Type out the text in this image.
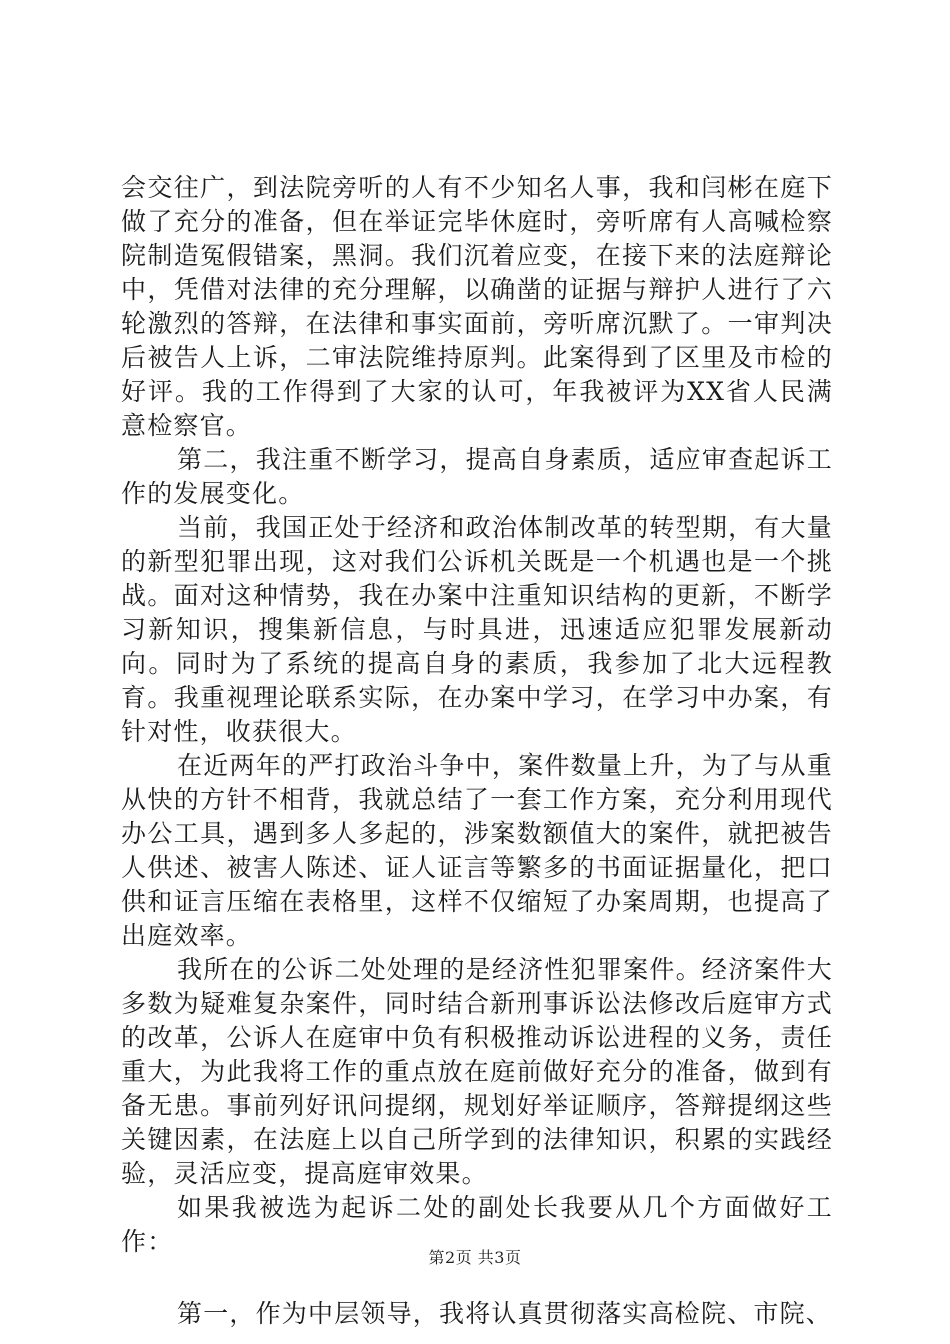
会交往广，到法院旁听的人有不少知名人事，我和闫彬在庭下做了充分的准备，但在举证完毕休庭时，旁听席有人高喊检察院制造冤假错案，黑洞。我们沉着应变，在接下来的法庭辩论中，凭借对法律的充分理解，以确凿的证据与辩护人进行了六轮激烈的答辩，在法律和事实面前，旁听席沉默了。一审判决后被告人上诉，二审法院维持原判。此案得到了区里及市检的好评。我的工作得到了大家的认可，年我被评为XX省人民满意检察官。

第二，我注重不断学习，提高自身素质，适应审查起诉工作的发展变化。

当前，我国正处于经济和政治体制改革的转型期，有大量的新型犯罪出现，这对我们公诉机关既是一个机遇也是一个挑战。面对这种情势，我在办案中注重知识结构的更新，不断学习新知识，搜集新信息，与时具进，迅速适应犯罪发展新动向。同时为了系统的提高自身的素质，我参加了北大远程教育。我重视理论联系实际，在办案中学习，在学习中办案，有针对性，收获很大。

在近两年的严打政治斗争中，案件数量上升，为了与从重从快的方针不相背，我就总结了一套工作方案，充分利用现代办公工具，遇到多人多起的，涉案数额值大的案件，就把被告人供述、被害人陈述、证人证言等繁多的书面证据量化，把口供和证言压缩在表格里，这样不仅缩短了办案周期，也提高了出庭效率。

我所在的公诉二处处理的是经济性犯罪案件。经济案件大多数为疑难复杂案件，同时结合新刑事诉讼法修改后庭审方式的改革，公诉人在庭审中负有积极推动诉讼进程的义务，责任重大，为此我将工作的重点放在庭前做好充分的准备，做到有备无患。事前列好讯问提纲，规划好举证顺序，答辩提纲这些关键因素，在法庭上以自己所学到的法律知识，积累的实践经验，灵活应变，提高庭审效果。

如果我被选为起诉二处的副处长我要从几个方面做好工作：

第一，作为中层领导，我将认真贯彻落实高检院、市院、

第2页 共3页
